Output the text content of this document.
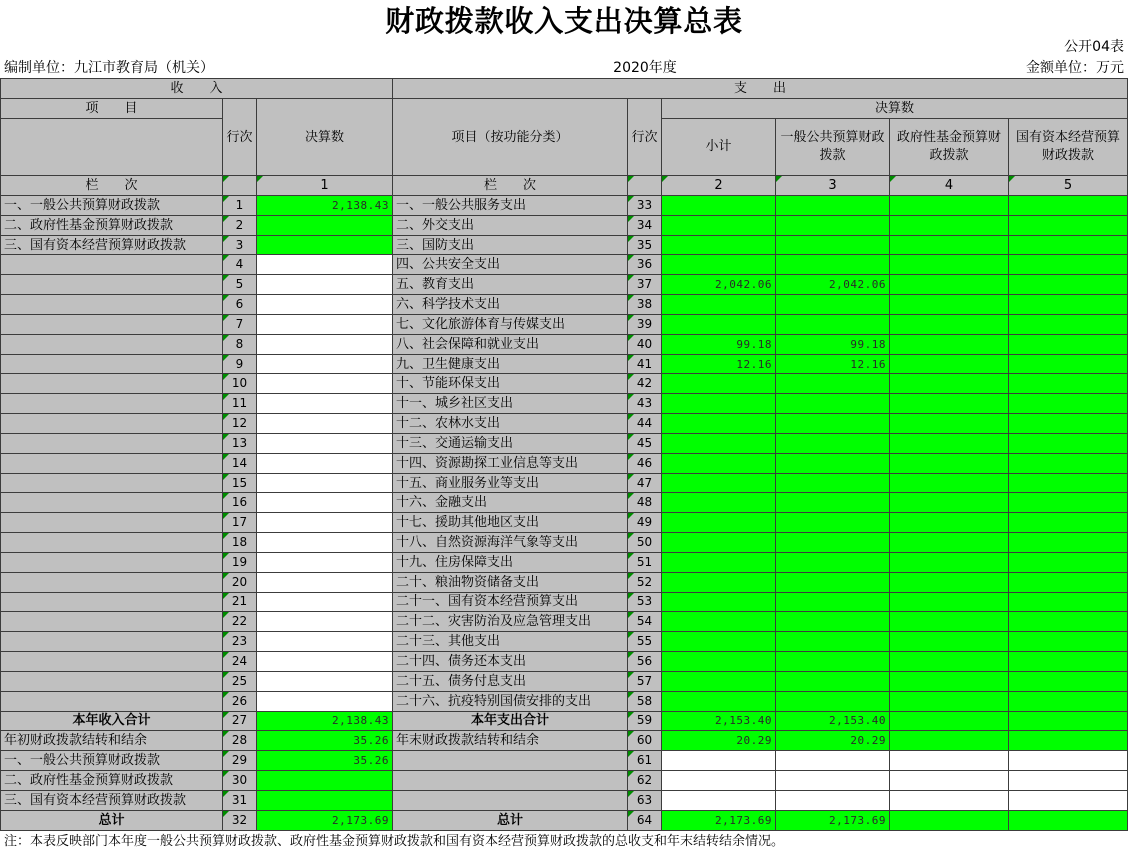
财政拨款收入支出决算总表
公开04表
编制单位：九江市教育局（机关）	2020年度	金额单位：万元
收　　入			支　　出					
项　　目	行次	决算数	项目（按功能分类）	行次	决算数			
					小计	一般公共预算财政拨款	政府性基金预算财政拨款	国有资本经营预算财政拨款
栏　　次		1	栏　　次		2	3	4	5
一、一般公共预算财政拨款	1	2,138.43	一、一般公共服务支出	33				
二、政府性基金预算财政拨款	2		二、外交支出	34				
三、国有资本经营预算财政拨款	3		三、国防支出	35				
	4		四、公共安全支出	36				
	5		五、教育支出	37	2,042.06	2,042.06		
	6		六、科学技术支出	38				
	7		七、文化旅游体育与传媒支出	39				
	8		八、社会保障和就业支出	40	99.18	99.18		
	9		九、卫生健康支出	41	12.16	12.16		
	10		十、节能环保支出	42				
	11		十一、城乡社区支出	43				
	12		十二、农林水支出	44				
	13		十三、交通运输支出	45				
	14		十四、资源勘探工业信息等支出	46				
	15		十五、商业服务业等支出	47				
	16		十六、金融支出	48				
	17		十七、援助其他地区支出	49				
	18		十八、自然资源海洋气象等支出	50				
	19		十九、住房保障支出	51				
	20		二十、粮油物资储备支出	52				
	21		二十一、国有资本经营预算支出	53				
	22		二十二、灾害防治及应急管理支出	54				
	23		二十三、其他支出	55				
	24		二十四、债务还本支出	56				
	25		二十五、债务付息支出	57				
	26		二十六、抗疫特别国债安排的支出	58				
本年收入合计	27	2,138.43	本年支出合计	59	2,153.40	2,153.40		
年初财政拨款结转和结余	28	35.26	年末财政拨款结转和结余	60	20.29	20.29		
一、一般公共预算财政拨款	29	35.26		61				
二、政府性基金预算财政拨款	30			62				
三、国有资本经营预算财政拨款	31			63				
总计	32	2,173.69	总计	64	2,173.69	2,173.69		
注：本表反映部门本年度一般公共预算财政拨款、政府性基金预算财政拨款和国有资本经营预算财政拨款的总收支和年末结转结余情况。
